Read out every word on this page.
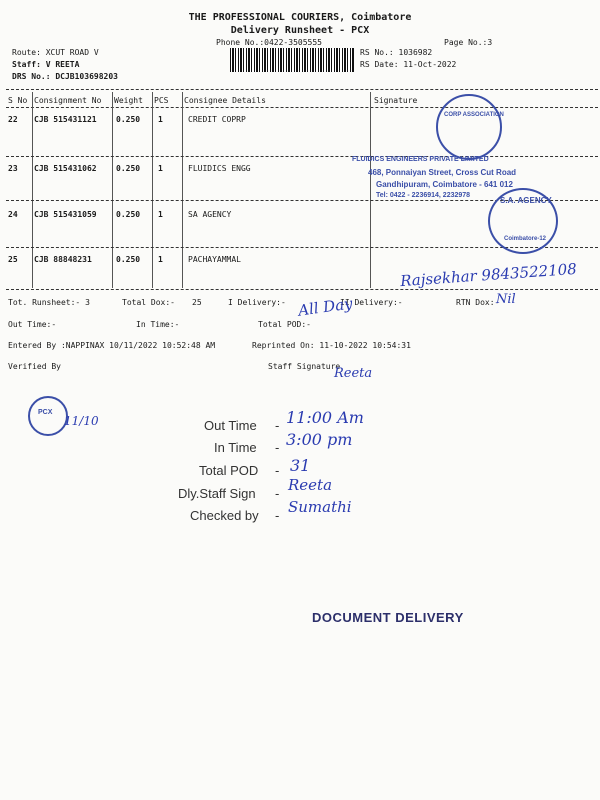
THE PROFESSIONAL COURIERS, Coimbatore
Delivery Runsheet - PCX
Phone No.:0422-3505555	Page No.:3
Route: XCUT ROAD V
Staff: V REETA
DRS No.: DCJB103698203
RS No.: 1036982
RS Date: 11-Oct-2022
S No Consignment No Weight PCS Consignee Details	Signature
22 CJB 515431121 0.250 1	CREDIT COPRP
23 CJB 515431062 0.250 1	FLUIDICS ENGG
24 CJB 515431059 0.250 1	SA AGENCY
25 CJB 88848231	0.250 1	PACHAYAMMAL
Tot. Runsheet:- 3	Total Dox:- 25	I Delivery:-	II Delivery:-	RTN Dox:-
Out Time:-	In Time:-	Total POD:-
Entered By :NAPPINAX 10/11/2022 10:52:48 AM	Reprinted On: 11-10-2022 10:54:31
Verified By	Staff Signature
CORP ASSOCIATION
FLUIDICS ENGINEERS PRIVATE LIMITED
468, Ponnaiyan Street, Cross Cut Road
Gandhipuram, Coimbatore - 641 012
Tel: 0422 - 2236914, 2232978
S.A. AGENCY
Coimbatore-12
PCX
DOCUMENT DELIVERY
Rajsekhar 9843522108
Nil
All Day
Reeta
11/10	Out Time - 11:00 Am
In Time - 3:00 pm
Total POD - 31
Dly.Staff Sign - Reeta
Checked by - Sumathi
